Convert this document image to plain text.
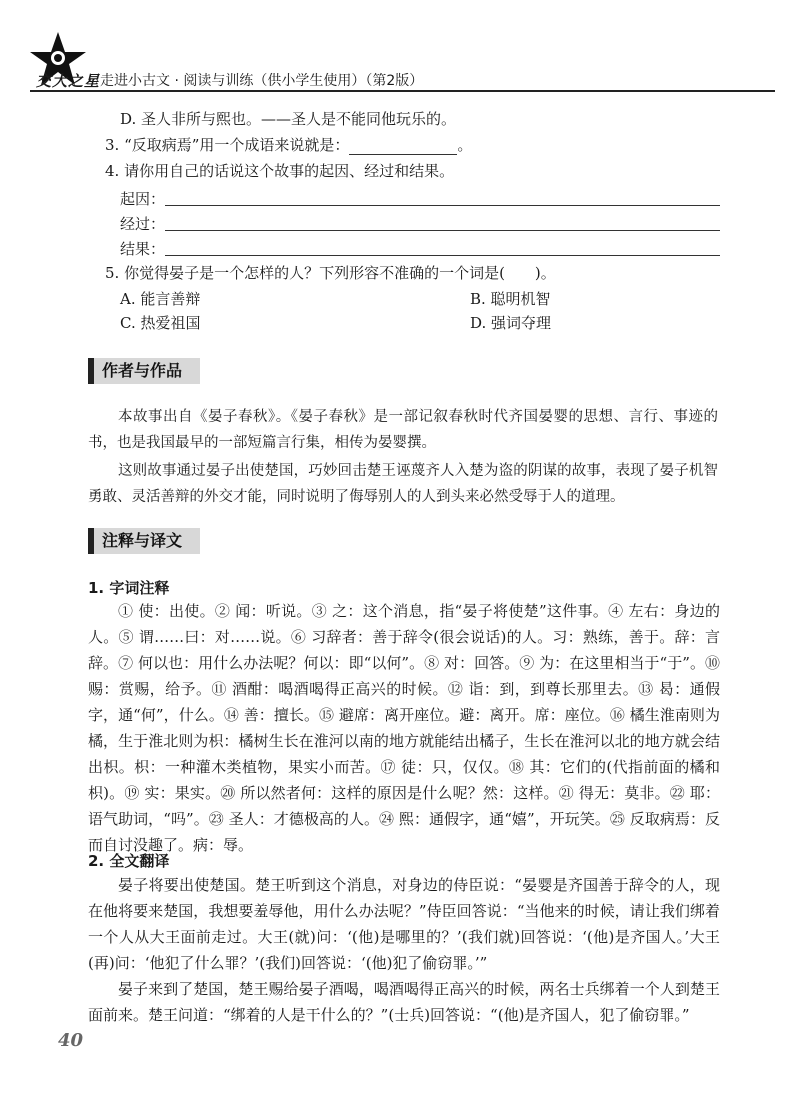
交大之星 走进小古文 · 阅读与训练（供小学生使用）（第2版）
D. 圣人非所与熙也。——圣人是不能同他玩乐的。
3. “反取病焉”用一个成语来说就是：	。
4. 请你用自己的话说这个故事的起因、经过和结果。
起因：
经过：
结果：
5. 你觉得晏子是一个怎样的人？下列形容不准确的一个词是(　　)。
A. 能言善辩	B. 聪明机智
C. 热爱祖国	D. 强词夺理
作者与作品
本故事出自《晏子春秋》。《晏子春秋》是一部记叙春秋时代齐国晏婴的思想、言行、事迹的书，也是我国最早的一部短篇言行集，相传为晏婴撰。
这则故事通过晏子出使楚国，巧妙回击楚王诬蔑齐人入楚为盗的阴谋的故事，表现了晏子机智勇敢、灵活善辩的外交才能，同时说明了侮辱别人的人到头来必然受辱于人的道理。
注释与译文
1. 字词注释
① 使：出使。② 闻：听说。③ 之：这个消息，指“晏子将使楚”这件事。④ 左右：身边的人。⑤ 谓……曰：对……说。⑥ 习辞者：善于辞令(很会说话)的人。习：熟练，善于。辞：言辞。⑦ 何以也：用什么办法呢？何以：即“以何”。⑧ 对：回答。⑨ 为：在这里相当于“于”。⑩ 赐：赏赐，给予。⑪ 酒酣：喝酒喝得正高兴的时候。⑫ 诣：到，到尊长那里去。⑬ 曷：通假字，通“何”，什么。⑭ 善：擅长。⑮ 避席：离开座位。避：离开。席：座位。⑯ 橘生淮南则为橘，生于淮北则为枳：橘树生长在淮河以南的地方就能结出橘子，生长在淮河以北的地方就会结出枳。枳：一种灌木类植物，果实小而苦。⑰ 徒：只，仅仅。⑱ 其：它们的(代指前面的橘和枳)。⑲ 实：果实。⑳ 所以然者何：这样的原因是什么呢？然：这样。㉑ 得无：莫非。㉒ 耶：语气助词，“吗”。㉓ 圣人：才德极高的人。㉔ 熙：通假字，通“嬉”，开玩笑。㉕ 反取病焉：反而自讨没趣了。病：辱。
2. 全文翻译
晏子将要出使楚国。楚王听到这个消息，对身边的侍臣说：“晏婴是齐国善于辞令的人，现在他将要来楚国，我想要羞辱他，用什么办法呢？”侍臣回答说：“当他来的时候，请让我们绑着一个人从大王面前走过。大王(就)问：‘(他)是哪里的？’(我们就)回答说：‘(他)是齐国人。’大王(再)问：‘他犯了什么罪？’(我们)回答说：‘(他)犯了偷窃罪。’”
晏子来到了楚国，楚王赐给晏子酒喝，喝酒喝得正高兴的时候，两名士兵绑着一个人到楚王面前来。楚王问道：“绑着的人是干什么的？”(士兵)回答说：“(他)是齐国人，犯了偷窃罪。”
40
